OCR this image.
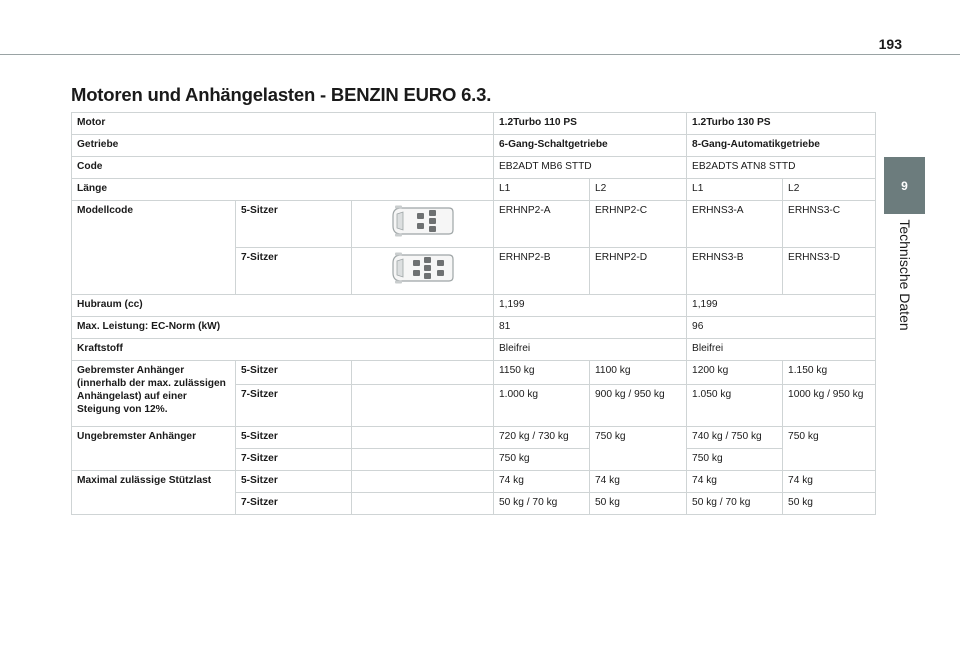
193
9
Technische Daten
Motoren und Anhängelasten - BENZIN EURO 6.3.
Motor			1.2Turbo 110 PS		1.2Turbo 130 PS	
Getriebe			6-Gang-Schaltgetriebe		8-Gang-Automatikgetriebe	
Code			EB2ADT MB6 STTD		EB2ADTS ATN8 STTD	
Länge			L1	L2	L1	L2
Modellcode	5-Sitzer		ERHNP2-A	ERHNP2-C	ERHNS3-A	ERHNS3-C
	7-Sitzer		ERHNP2-B	ERHNP2-D	ERHNS3-B	ERHNS3-D
Hubraum (cc)			1,199		1,199	
Max. Leistung: EC-Norm (kW)			81		96	
Kraftstoff			Bleifrei		Bleifrei	
Gebremster Anhänger (innerhalb der max. zulässigen Anhängelast) auf einer Steigung von 12%.	5-Sitzer		1150 kg	1100 kg	1200 kg	1.150 kg
	7-Sitzer		1.000 kg	900 kg / 950 kg	1.050 kg	1000 kg / 950 kg
Ungebremster Anhänger	5-Sitzer		720 kg / 730 kg	750 kg	740 kg / 750 kg	750 kg
	7-Sitzer		750 kg		750 kg	
Maximal zulässige Stützlast	5-Sitzer		74 kg	74 kg	74 kg	74 kg
	7-Sitzer		50 kg / 70 kg	50 kg	50 kg / 70 kg	50 kg
